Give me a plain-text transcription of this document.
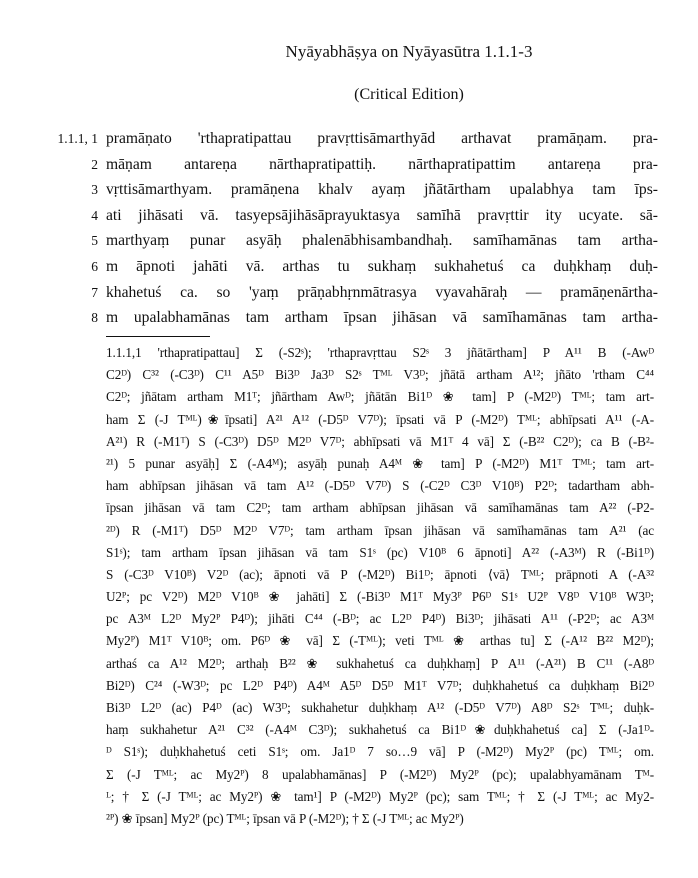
Nyāyabhāṣya on Nyāyasūtra 1.1.1-3
(Critical Edition)
1.1.1, 1 pramāṇato 'rthapratipattau pravṛttisāmarthyād arthavat pramāṇam. pra-
2 māṇam antareṇa nārthapratipattiḥ. nārthapratipattim antareṇa pra-
3 vṛttisāmarthyam. pramāṇena khalv ayaṃ jñātārtham upalabhya tam īps-
4 ati jihāsati vā. tasyepsājihāsāprayuktasya samīhā pravṛttir ity ucyate. sā-
5 marthyaṃ punar asyāḥ phalenābhisambandhaḥ. samīhamānas tam artha-
6 m āpnoti jahāti vā. arthas tu sukhaṃ sukhahetuś ca duḥkhaṃ duḥ-
7 khahetuś ca. so 'yaṃ prāṇabhṛnmātrasya vyavahāraḥ — pramāṇenārtha-
8 m upalabhamānas tam artham īpsan jihāsan vā samīhamānas tam artha-
1.1.1,1 'rthapratipattau] Σ (-S2ˢ); 'rthapravṛttau S2ˢ 3 jñātārtham] P A¹¹ B (-Awᴰ
C2ᴰ) C³² (-C3ᴰ) C¹¹ A5ᴰ Bi3ᴰ Ja3ᴰ S2ˢ Tᴹᴸ V3ᴰ; jñātā artham A¹²; jñāto 'rtham C⁴⁴
C2ᴰ; jñātam artham M1ᵀ; jñārtham Awᴰ; jñātān Bi1ᴰ ❀ tam] P (-M2ᴰ) Tᴹᴸ; tam art-
ham Σ (-J Tᴹᴸ)❀īpsati] A²¹ A¹² (-D5ᴰ V7ᴰ); īpsati vā P (-M2ᴰ) Tᴹᴸ; abhīpsati A¹¹ (-A-
A²¹) R (-M1ᵀ) S (-C3ᴰ) D5ᴰ M2ᴰ V7ᴰ; abhīpsati vā M1ᵀ 4 vā] Σ (-B²² C2ᴰ); ca B (-B²-
²¹) 5 punar asyāḥ] Σ (-A4ᴹ); asyāḥ punaḥ A4ᴹ ❀ tam] P (-M2ᴰ) M1ᵀ Tᴹᴸ; tam art-
ham abhīpsan jihāsan vā tam A¹² (-D5ᴰ V7ᴰ) S (-C2ᴰ C3ᴰ V10ᴮ) P2ᴰ; tadartham abh-
īpsan jihāsan vā tam C2ᴰ; tam artham abhīpsan jihāsan vā samīhamānas tam A²² (-P2-
²ᴰ) R (-M1ᵀ) D5ᴰ M2ᴰ V7ᴰ; tam artham īpsan jihāsan vā samīhamānas tam A²¹ (ac
S1ˢ); tam artham īpsan jihāsan vā tam S1ˢ (pc) V10ᴮ 6 āpnoti] A²² (-A3ᴹ) R (-Bi1ᴰ)
S (-C3ᴰ V10ᴮ) V2ᴰ (ac); āpnoti vā P (-M2ᴰ) Bi1ᴰ; āpnoti ⟨vā⟩ Tᴹᴸ; prāpnoti A (-A³²
U2ᴾ; pc V2ᴰ) M2ᴰ V10ᴮ ❀ jahāti] Σ (-Bi3ᴰ M1ᵀ My3ᴾ P6ᴰ S1ˢ U2ᴾ V8ᴰ V10ᴮ W3ᴰ;
pc A3ᴹ L2ᴰ My2ᴾ P4ᴰ); jihāti C⁴⁴ (-Bᴰ; ac L2ᴰ P4ᴰ) Bi3ᴰ; jihāsati A¹¹ (-P2ᴰ; ac A3ᴹ
My2ᴾ) M1ᵀ V10ᴮ; om. P6ᴰ ❀ vā] Σ (-Tᴹᴸ); veti Tᴹᴸ ❀ arthas tu] Σ (-A¹² B²² M2ᴰ);
arthaś ca A¹² M2ᴰ; arthaḥ B²² ❀ sukhahetuś ca duḥkhaṃ] P A¹¹ (-A²¹) B C¹¹ (-A8ᴰ
Bi2ᴰ) C²⁴ (-W3ᴰ; pc L2ᴰ P4ᴰ) A4ᴹ A5ᴰ D5ᴰ M1ᵀ V7ᴰ; duḥkhahetuś ca duḥkhaṃ Bi2ᴰ
Bi3ᴰ L2ᴰ (ac) P4ᴰ (ac) W3ᴰ; sukhahetur duḥkhaṃ A¹² (-D5ᴰ V7ᴰ) A8ᴰ S2ˢ Tᴹᴸ; duḥk-
haṃ sukhahetur A²¹ C³² (-A4ᴹ C3ᴰ); sukhahetuś ca Bi1ᴰ❀duḥkhahetuś ca] Σ (-Ja1ᴰ-
ᴰ S1ˢ); duḥkhahetuś ceti S1ˢ; om. Ja1ᴰ 7 so…9 vā] P (-M2ᴰ) My2ᴾ (pc) Tᴹᴸ; om.
Σ (-J Tᴹᴸ; ac My2ᴾ) 8 upalabhamānas] P (-M2ᴰ) My2ᴾ (pc); upalabhyamānam Tᴹ-
ᴸ; † Σ (-J Tᴹᴸ; ac My2ᴾ) ❀ tam¹] P (-M2ᴰ) My2ᴾ (pc); sam Tᴹᴸ; † Σ (-J Tᴹᴸ; ac My2-
²ᴾ) ❀ īpsan] My2ᴾ (pc) Tᴹᴸ; īpsan vā P (-M2ᴰ); † Σ (-J Tᴹᴸ; ac My2ᴾ)
